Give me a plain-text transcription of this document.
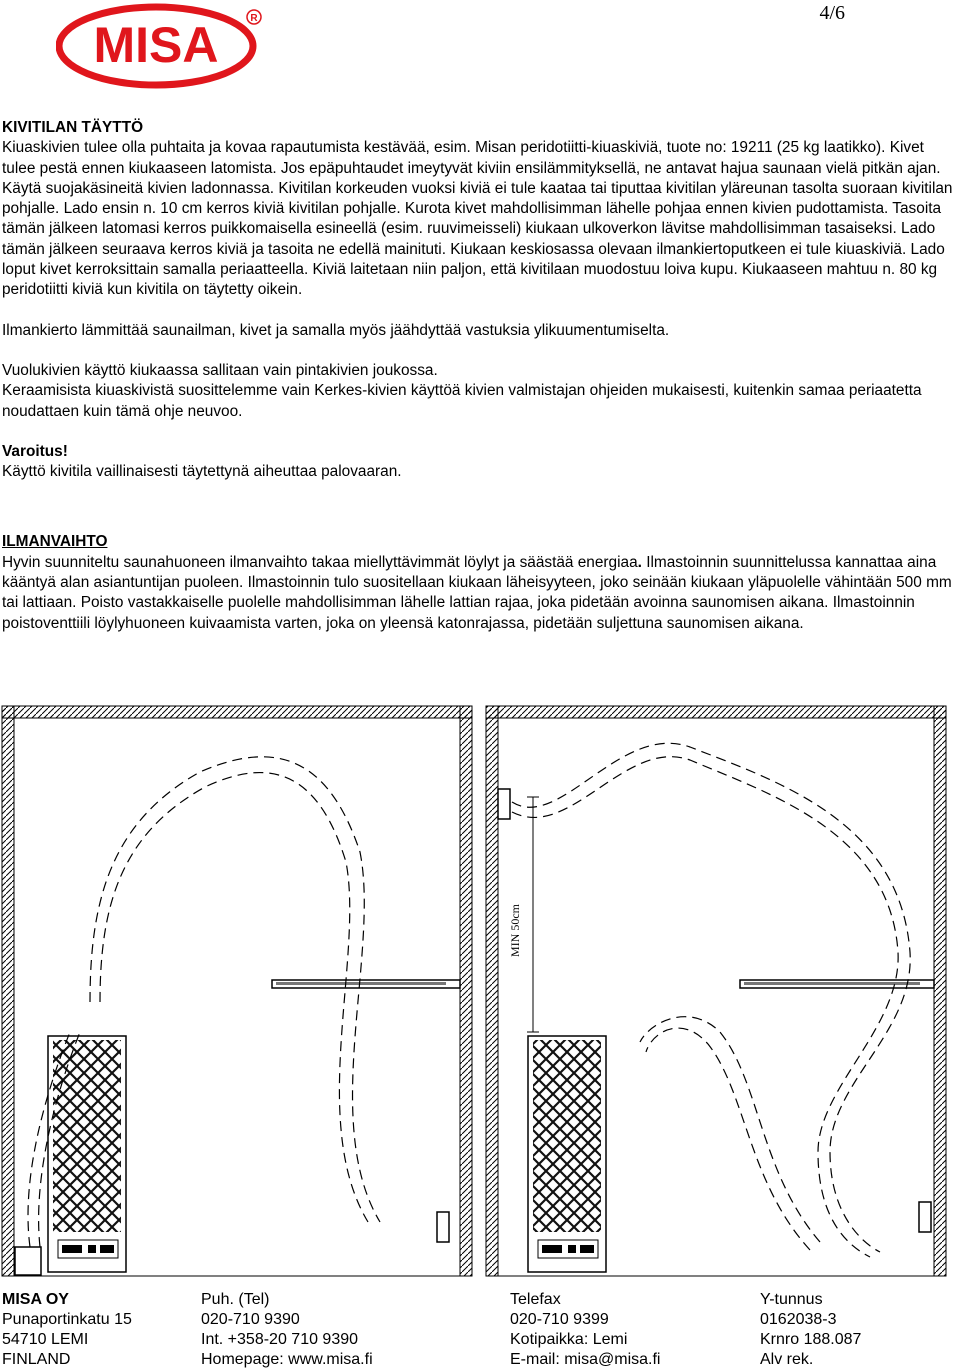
4/6
MISA	R

KIVITILAN TÄYTTÖ

Kiuaskivien tulee olla puhtaita ja kovaa rapautumista kestävää, esim. Misan peridotiitti-kiuaskiviä, tuote no: 19211 (25 kg laatikko). Kivet tulee pestä ennen kiukaaseen latomista. Jos epäpuhtaudet imeytyvät kiviin ensilämmityksellä, ne antavat hajua saunaan vielä pitkän ajan.

Käytä suojakäsineitä kivien ladonnassa. Kivitilan korkeuden vuoksi kiviä ei tule kaataa tai tiputtaa kivitilan yläreunan tasolta suoraan kivitilan pohjalle. Lado ensin n. 10 cm kerros kiviä kivitilan pohjalle. Kurota kivet mahdollisimman lähelle pohjaa ennen kivien pudottamista. Tasoita tämän jälkeen latomasi kerros puikkomaisella esineellä (esim. ruuvimeisseli) kiukaan ulkoverkon lävitse mahdollisimman tasaiseksi. Lado tämän jälkeen seuraava kerros kiviä ja tasoita ne edellä mainituti. Kiukaan keskiosassa olevaan ilmankiertoputkeen ei tule kiuaskiviä. Lado loput kivet kerroksittain samalla periaatteella. Kiviä laitetaan niin paljon, että kivitilaan muodostuu loiva kupu. Kiukaaseen mahtuu n. 80 kg peridotiitti kiviä kun kivitila on täytetty oikein.

Ilmankierto lämmittää saunailman, kivet ja samalla myös jäähdyttää vastuksia ylikuumentumiselta.

Vuolukivien käyttö kiukaassa sallitaan vain pintakivien joukossa.

Keraamisista kiuaskivistä suosittelemme vain Kerkes-kivien käyttöä kivien valmistajan ohjeiden mukaisesti, kuitenkin samaa periaatetta noudattaen kuin tämä ohje neuvoo.

Varoitus!

Käyttö kivitila vaillinaisesti täytettynä aiheuttaa palovaaran.

ILMANVAIHTO

Hyvin suunniteltu saunahuoneen ilmanvaihto takaa miellyttävimmät löylyt ja säästää energiaa. Ilmastoinnin suunnittelussa kannattaa aina kääntyä alan asiantuntijan puoleen. Ilmastoinnin tulo suositellaan kiukaan läheisyyteen, joko seinään kiukaan yläpuolelle vähintään 500 mm tai lattiaan. Poisto vastakkaiselle puolelle mahdollisimman lähelle lattian rajaa, joka pidetään avoinna saunomisen aikana. Ilmastoinnin poistoventtiili löylyhuoneen kuivaamista varten, joka on yleensä katonrajassa, pidetään suljettuna saunomisen aikana.

MIN 50cm
MISA OY	Puh. (Tel)	Telefax	Y-tunnus
Punaportinkatu 15	020-710 9390	020-710 9399	0162038-3
54710 LEMI	Int. +358-20 710 9390	Kotipaikka: Lemi	Krnro 188.087
FINLAND	Homepage: www.misa.fi	E-mail: misa@misa.fi	Alv rek.
